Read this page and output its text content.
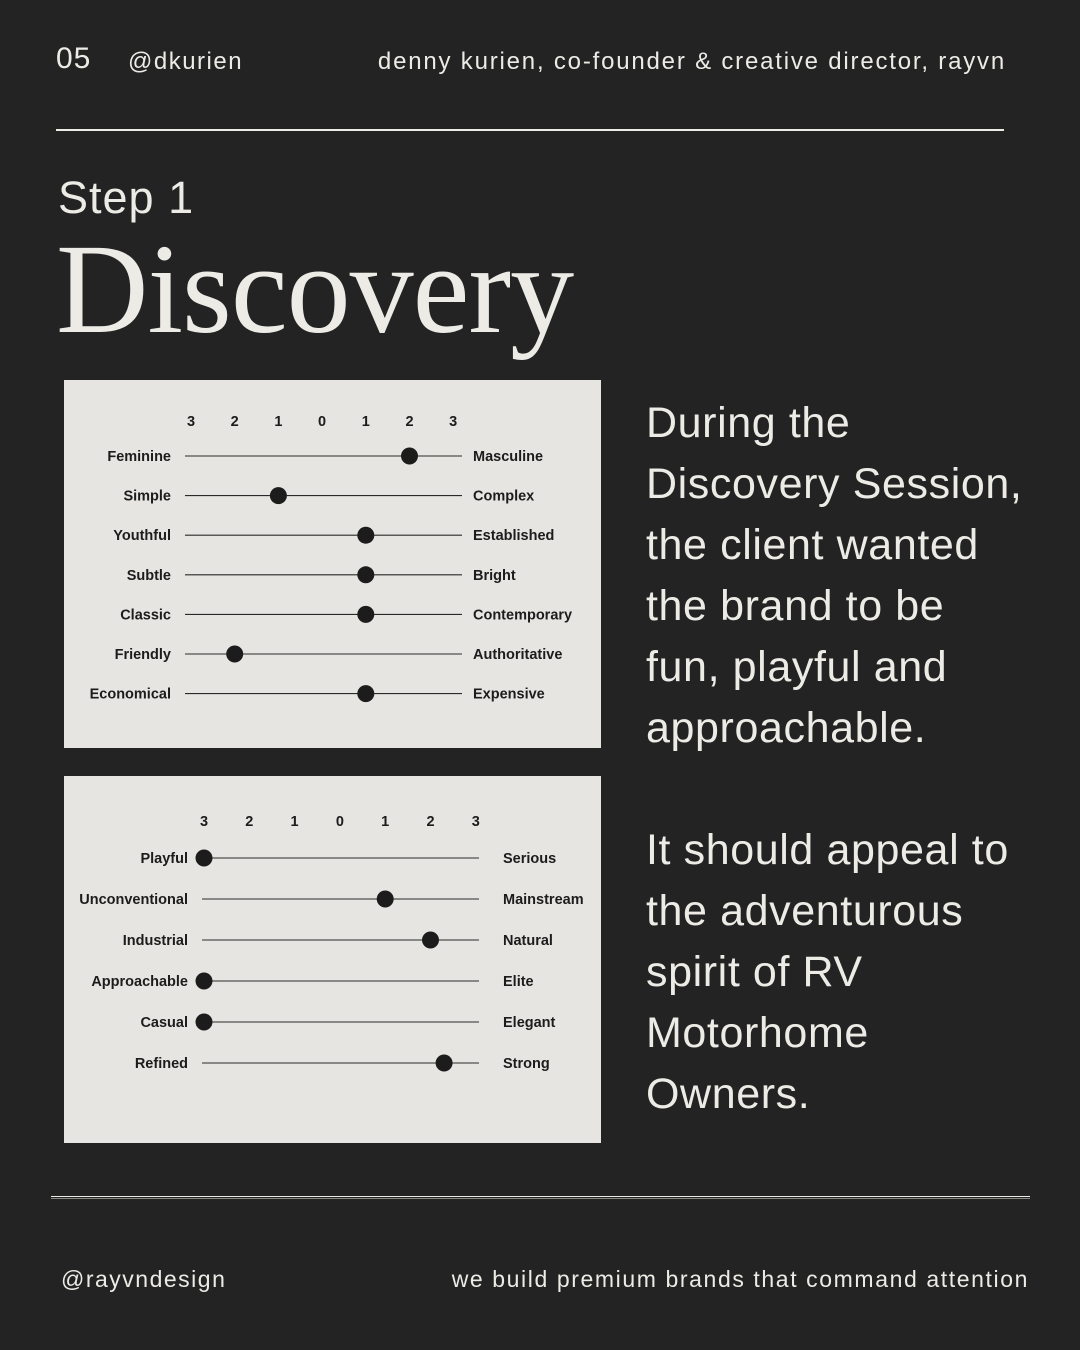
05 @dkurien	denny kurien, co-founder & creative director, rayvn
Step 1
Discovery
3 2 1 0 1 2 3
Feminine	Masculine
Simple	Complex
Youthful	Established
Subtle	Bright
Classic	Contemporary
Friendly	Authoritative
Economical	Expensive
3	2	1	0	1	2	3
Playful	Serious
Unconventional	Mainstream
Industrial	Natural
Approachable	Elite
Casual	Elegant
Refined	Strong
During the Discovery Session, the client wanted the brand to be fun, playful and approachable.
It should appeal to the adventurous spirit of RV Motorhome Owners.
@rayvndesign	we build premium brands that command attention
